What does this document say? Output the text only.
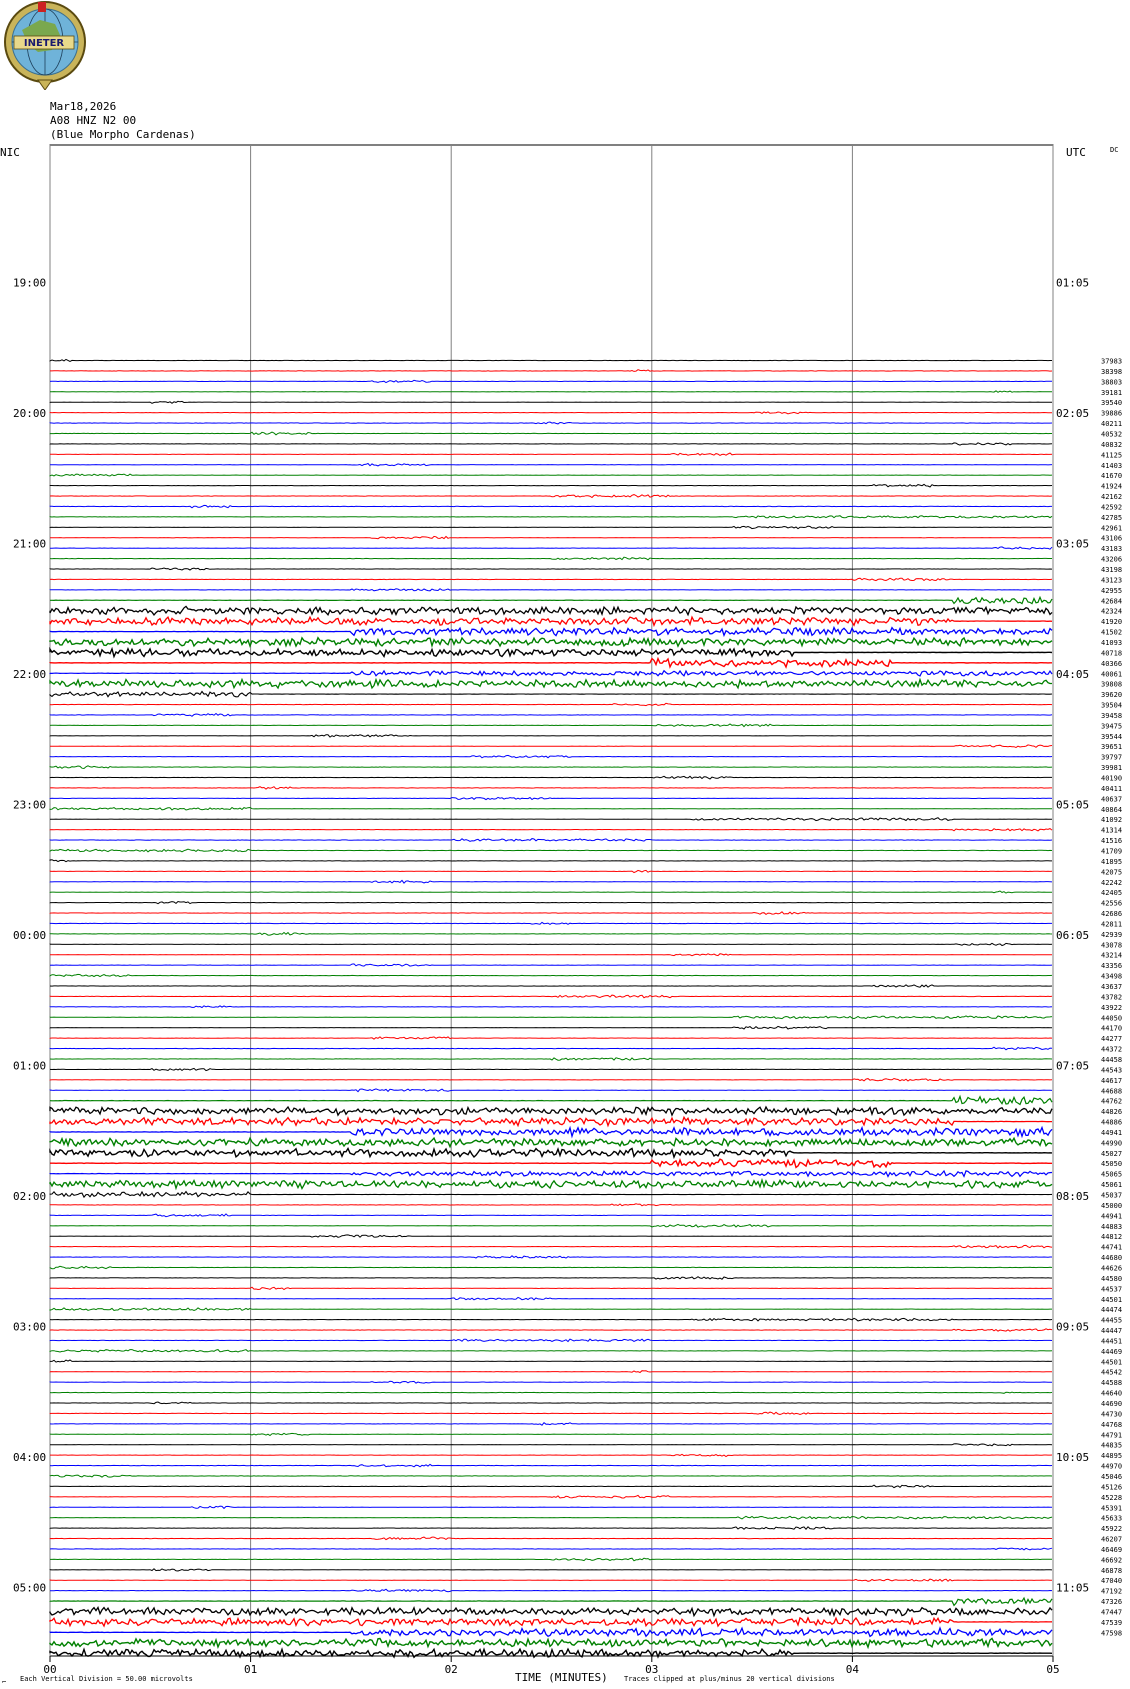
INETER
Mar18,2026
A08 HNZ N2 00
(Blue Morpho Cardenas)
NIC	UTC	DC
TIME (MINUTES)
Each Vertical Division = 50.00 microvolts	Traces clipped at plus/minus 20 vertical divisions
⌐
00	01	02	03	04	05
19:00	01:05
20:00	02:05
21:00	03:05
22:00	04:05
23:00	05:05
00:00	06:05
01:00	07:05
02:00	08:05
03:00	09:05
04:00	10:05
05:00	11:05
37983
38398
38803
39181
39540
39886
40211
40532
40832
41125
41403
41670
41924
42162
42592
42785
42961
43106
43183
43206
43198
43123
42955
42684
42324
41920
41502
41093
40718
40366
40061
39808
39620
39504
39458
39475
39544
39651
39797
39981
40190
40411
40637
40864
41092
41314
41516
41709
41895
42075
42242
42405
42556
42686
42811
42939
43078
43214
43356
43498
43637
43782
43922
44050
44170
44277
44372
44458
44543
44617
44688
44762
44826
44886
44941
44990
45027
45050
45065
45061
45037
45000
44941
44883
44812
44741
44680
44626
44580
44537
44501
44474
44455
44447
44451
44469
44501
44542
44588
44640
44690
44730
44768
44791
44835
44895
44970
45046
45126
45228
45391
45633
45922
46207
46469
46692
46878
47040
47192
47326
47447
47539
47598
